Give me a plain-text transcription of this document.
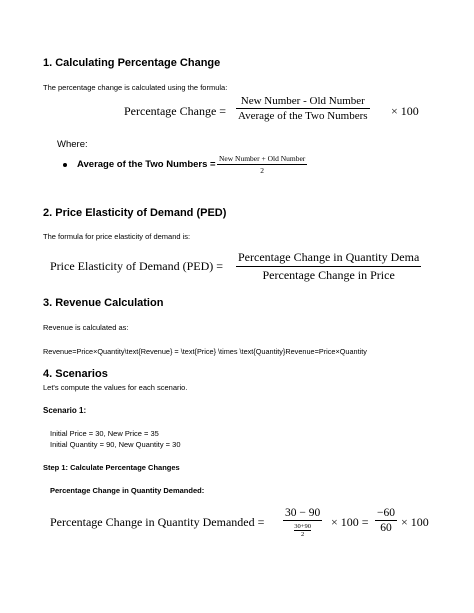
1. Calculating Percentage Change
The percentage change is calculated using the formula:
Percentage Change =
New Number - Old Number
Average of the Two Numbers × 100
Where:
Average of the Two Numbers =
New Number + Old Number
2
2. Price Elasticity of Demand (PED)
The formula for price elasticity of demand is:
Price Elasticity of Demand (PED) =
Percentage Change in Quantity Dema
Percentage Change in Price
3. Revenue Calculation
Revenue is calculated as:
Revenue=Price×Quantity\text{Revenue} = \text{Price} \times \text{Quantity}Revenue=Price×Quantity
4. Scenarios
Let's compute the values for each scenario.
Scenario 1:
Initial Price = 30, New Price = 35
Initial Quantity = 90, New Quantity = 30
Step 1: Calculate Percentage Changes
Percentage Change in Quantity Demanded:
Percentage Change in Quantity Demanded =
30 − 90
30+90
2
× 100 =
−60
60 × 100
